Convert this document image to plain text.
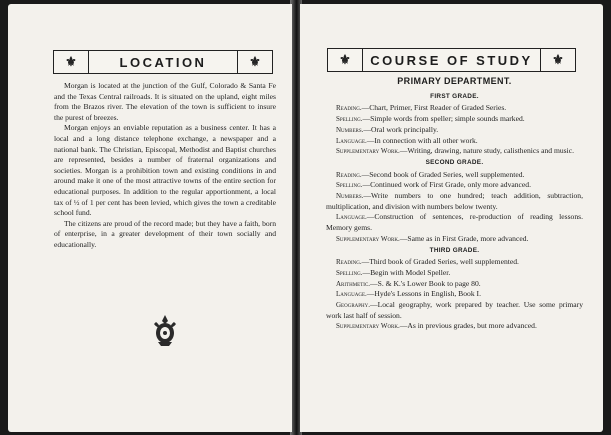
⚜	LOCATION	⚜

Morgan is located at the junction of the Gulf, Colorado & Santa Fe and the Texas Central railroads. It is situated on the upland, eight miles from the Brazos river. The elevation of the town is sufficient to insure the purest of breezes.

Morgan enjoys an enviable reputation as a business center. It has a local and a long distance telephone exchange, a newspaper and a national bank. The Christian, Episcopal, Methodist and Baptist churches are represented, besides a number of fraternal organizations and societies. Morgan is a prohibition town and existing conditions in and around make it one of the most attractive towns of the entire section for educational purposes. In addition to the regular apportionment, a local tax of ½ of 1 per cent has been levied, which gives the town a creditable school fund.

The citizens are proud of the record made; but they have a faith, born of enterprise, in a greater development of their town socially and educationally.

⚜	COURSE OF STUDY	⚜
PRIMARY DEPARTMENT.
FIRST GRADE.

Reading.—Chart, Primer, First Reader of Graded Series.

Spelling.—Simple words from speller; simple sounds marked.

Numbers.—Oral work principally.

Language.—In connection with all other work.

Supplementary Work.—Writing, drawing, nature study, calisthenics and music.

SECOND GRADE.

Reading.—Second book of Graded Series, well supplemented.

Spelling.—Continued work of First Grade, only more advanced.

Numbers.—Write numbers to one hundred; teach addition, subtraction, multiplication, and division with numbers below twenty.

Language.—Construction of sentences, re-production of reading lessons. Memory gems.

Supplementary Work.—Same as in First Grade, more advanced.

THIRD GRADE.

Reading.—Third book of Graded Series, well supplemented.

Spelling.—Begin with Model Speller.

Arithmetic.—S. & K.'s Lower Book to page 80.

Language.—Hyde's Lessons in English, Book I.

Geography.—Local geography, work prepared by teacher. Use some primary work last half of session.

Supplementary Work.—As in previous grades, but more advanced.
